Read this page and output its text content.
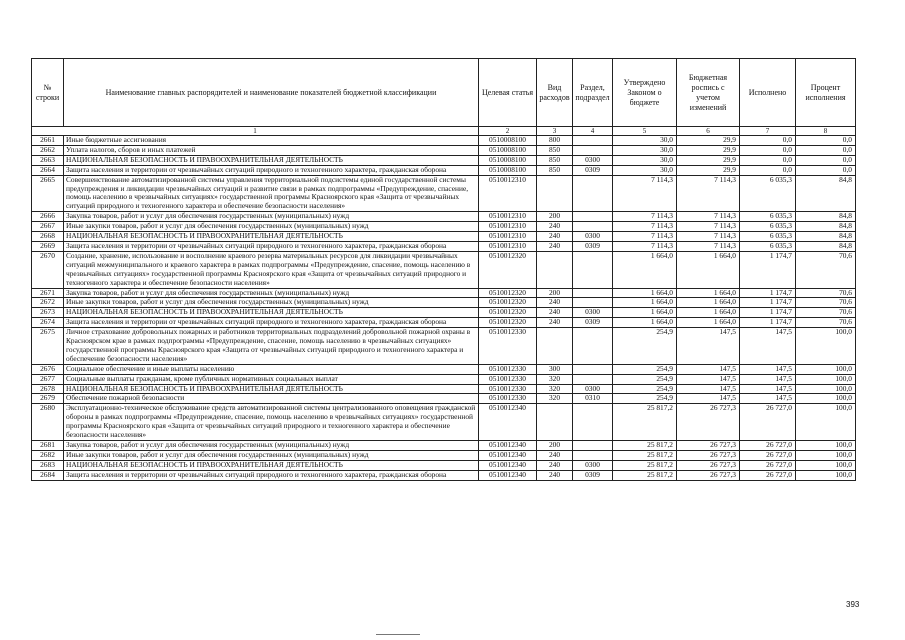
№ строки	Наименование главных распорядителей и наименование показателей бюджетной классификации	Целевая статья	Вид расходов	Раздел, подраздел	Утверждено Законом о бюджете	Бюджетная роспись с учетом изменений	Исполнено	Процент исполнения
1		2	3	4	5	6	7	8
2661	Иные бюджетные ассигнования	0510008100	800		30,0	29,9	0,0	0,0
2662	Уплата налогов, сборов и иных платежей	0510008100	850		30,0	29,9	0,0	0,0
2663	НАЦИОНАЛЬНАЯ БЕЗОПАСНОСТЬ И ПРАВООХРАНИТЕЛЬНАЯ ДЕЯТЕЛЬНОСТЬ	0510008100	850	0300	30,0	29,9	0,0	0,0
2664	Защита населения и территории от чрезвычайных ситуаций природного и техногенного характера, гражданская оборона	0510008100	850	0309	30,0	29,9	0,0	0,0
2665	Совершенствование автоматизированной системы управления территориальной подсистемы единой государственной системы предупреждения и ликвидации чрезвычайных ситуаций и развитие связи в рамках подпрограммы «Предупреждение, спасение, помощь населению в чрезвычайных ситуациях» государственной программы Красноярского края «Защита от чрезвычайных ситуаций природного и техногенного характера и обеспечение безопасности населения»	0510012310			7 114,3	7 114,3	6 035,3	84,8
2666	Закупка товаров, работ и услуг для обеспечения государственных (муниципальных) нужд	0510012310	200		7 114,3	7 114,3	6 035,3	84,8
2667	Иные закупки товаров, работ и услуг для обеспечения государственных (муниципальных) нужд	0510012310	240		7 114,3	7 114,3	6 035,3	84,8
2668	НАЦИОНАЛЬНАЯ БЕЗОПАСНОСТЬ И ПРАВООХРАНИТЕЛЬНАЯ ДЕЯТЕЛЬНОСТЬ	0510012310	240	0300	7 114,3	7 114,3	6 035,3	84,8
2669	Защита населения и территории от чрезвычайных ситуаций природного и техногенного характера, гражданская оборона	0510012310	240	0309	7 114,3	7 114,3	6 035,3	84,8
2670	Создание, хранение, использование и восполнение краевого резерва материальных ресурсов для ликвидации чрезвычайных ситуаций межмуниципального и краевого характера в рамках подпрограммы «Предупреждение, спасение, помощь населению в чрезвычайных ситуациях» государственной программы Красноярского края «Защита от чрезвычайных ситуаций природного и техногенного характера и обеспечение безопасности населения»	0510012320			1 664,0	1 664,0	1 174,7	70,6
2671	Закупка товаров, работ и услуг для обеспечения государственных (муниципальных) нужд	0510012320	200		1 664,0	1 664,0	1 174,7	70,6
2672	Иные закупки товаров, работ и услуг для обеспечения государственных (муниципальных) нужд	0510012320	240		1 664,0	1 664,0	1 174,7	70,6
2673	НАЦИОНАЛЬНАЯ БЕЗОПАСНОСТЬ И ПРАВООХРАНИТЕЛЬНАЯ ДЕЯТЕЛЬНОСТЬ	0510012320	240	0300	1 664,0	1 664,0	1 174,7	70,6
2674	Защита населения и территории от чрезвычайных ситуаций природного и техногенного характера, гражданская оборона	0510012320	240	0309	1 664,0	1 664,0	1 174,7	70,6
2675	Личное страхование добровольных пожарных и работников территориальных подразделений добровольной пожарной охраны в Красноярском крае в рамках подпрограммы «Предупреждение, спасение, помощь населению в чрезвычайных ситуациях» государственной программы Красноярского края «Защита от чрезвычайных ситуаций природного и техногенного характера и обеспечение безопасности населения»	0510012330			254,9	147,5	147,5	100,0
2676	Социальное обеспечение и иные выплаты населению	0510012330	300		254,9	147,5	147,5	100,0
2677	Социальные выплаты гражданам, кроме публичных нормативных социальных выплат	0510012330	320		254,9	147,5	147,5	100,0
2678	НАЦИОНАЛЬНАЯ БЕЗОПАСНОСТЬ И ПРАВООХРАНИТЕЛЬНАЯ ДЕЯТЕЛЬНОСТЬ	0510012330	320	0300	254,9	147,5	147,5	100,0
2679	Обеспечение пожарной безопасности	0510012330	320	0310	254,9	147,5	147,5	100,0
2680	Эксплуатационно-техническое обслуживание средств автоматизированной системы централизованного оповещения гражданской обороны в рамках подпрограммы «Предупреждение, спасение, помощь населению в чрезвычайных ситуациях» государственной программы Красноярского края «Защита от чрезвычайных ситуаций природного и техногенного характера и обеспечение безопасности населения»	0510012340			25 817,2	26 727,3	26 727,0	100,0
2681	Закупка товаров, работ и услуг для обеспечения государственных (муниципальных) нужд	0510012340	200		25 817,2	26 727,3	26 727,0	100,0
2682	Иные закупки товаров, работ и услуг для обеспечения государственных (муниципальных) нужд	0510012340	240		25 817,2	26 727,3	26 727,0	100,0
2683	НАЦИОНАЛЬНАЯ БЕЗОПАСНОСТЬ И ПРАВООХРАНИТЕЛЬНАЯ ДЕЯТЕЛЬНОСТЬ	0510012340	240	0300	25 817,2	26 727,3	26 727,0	100,0
2684	Защита населения и территории от чрезвычайных ситуаций природного и техногенного характера, гражданская оборона	0510012340	240	0309	25 817,2	26 727,3	26 727,0	100,0
393
